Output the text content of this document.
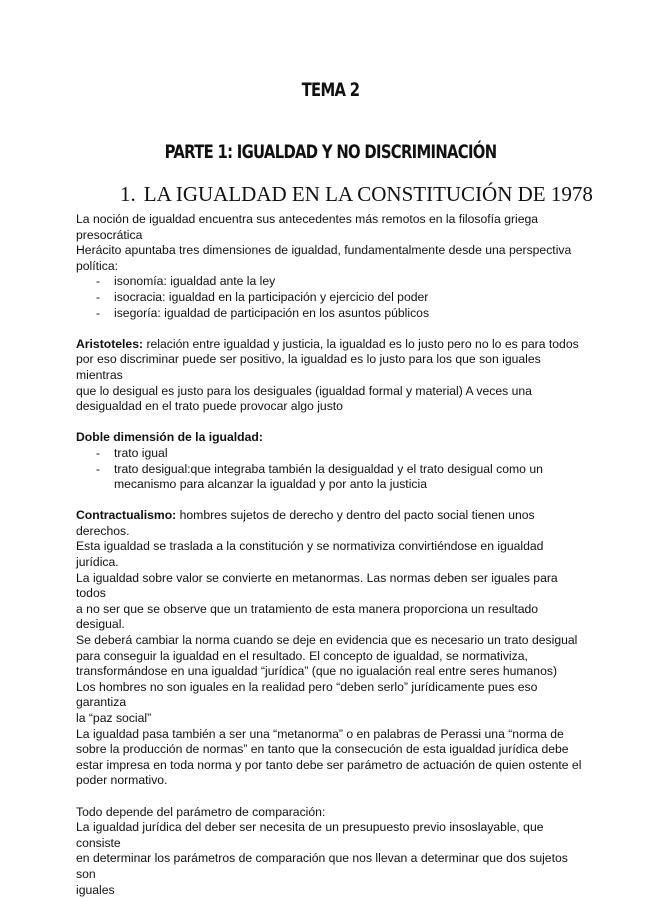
TEMA 2
PARTE 1: IGUALDAD Y NO DISCRIMINACIÓN
1. LA IGUALDAD EN LA CONSTITUCIÓN DE 1978

La noción de igualdad encuentra sus antecedentes más remotos en la filosofía griega

presocrática

Herácito apuntaba tres dimensiones de igualdad, fundamentalmente desde una perspectiva

política:

- isonomía: igualdad ante la ley
- isocracia: igualdad en la participación y ejercicio del poder
- isegoría: igualdad de participación en los asuntos públicos

Aristoteles: relación entre igualdad y justicia, la igualdad es lo justo pero no lo es para todos

por eso discriminar puede ser positivo, la igualdad es lo justo para los que son iguales mientras

que lo desigual es justo para los desiguales (igualdad formal y material) A veces una

desigualdad en el trato puede provocar algo justo

Doble dimensión de la igualdad:

- trato igual
- trato desigual:que integraba también la desigualdad y el trato desigual como un
mecanismo para alcanzar la igualdad y por anto la justicia

Contractualismo: hombres sujetos de derecho y dentro del pacto social tienen unos derechos.

Esta igualdad se traslada a la constitución y se normativiza convirtiéndose en igualdad jurídica.

La igualdad sobre valor se convierte en metanormas. Las normas deben ser iguales para todos

a no ser que se observe que un tratamiento de esta manera proporciona un resultado desigual.

Se deberá cambiar la norma cuando se deje en evidencia que es necesario un trato desigual

para conseguir la igualdad en el resultado. El concepto de igualdad, se normativiza,

transformándose en una igualdad “jurídica” (que no igualación real entre seres humanos)

Los hombres no son iguales en la realidad pero “deben serlo” jurídicamente pues eso garantiza

la “paz social”

La igualdad pasa también a ser una “metanorma” o en palabras de Perassi una “norma de

sobre la producción de normas” en tanto que la consecución de esta igualdad jurídica debe

estar impresa en toda norma y por tanto debe ser parámetro de actuación de quien ostente el

poder normativo.

Todo depende del parámetro de comparación:

La igualdad jurídica del deber ser necesita de un presupuesto previo insoslayable, que consiste

en determinar los parámetros de comparación que nos llevan a determinar que dos sujetos son

iguales
